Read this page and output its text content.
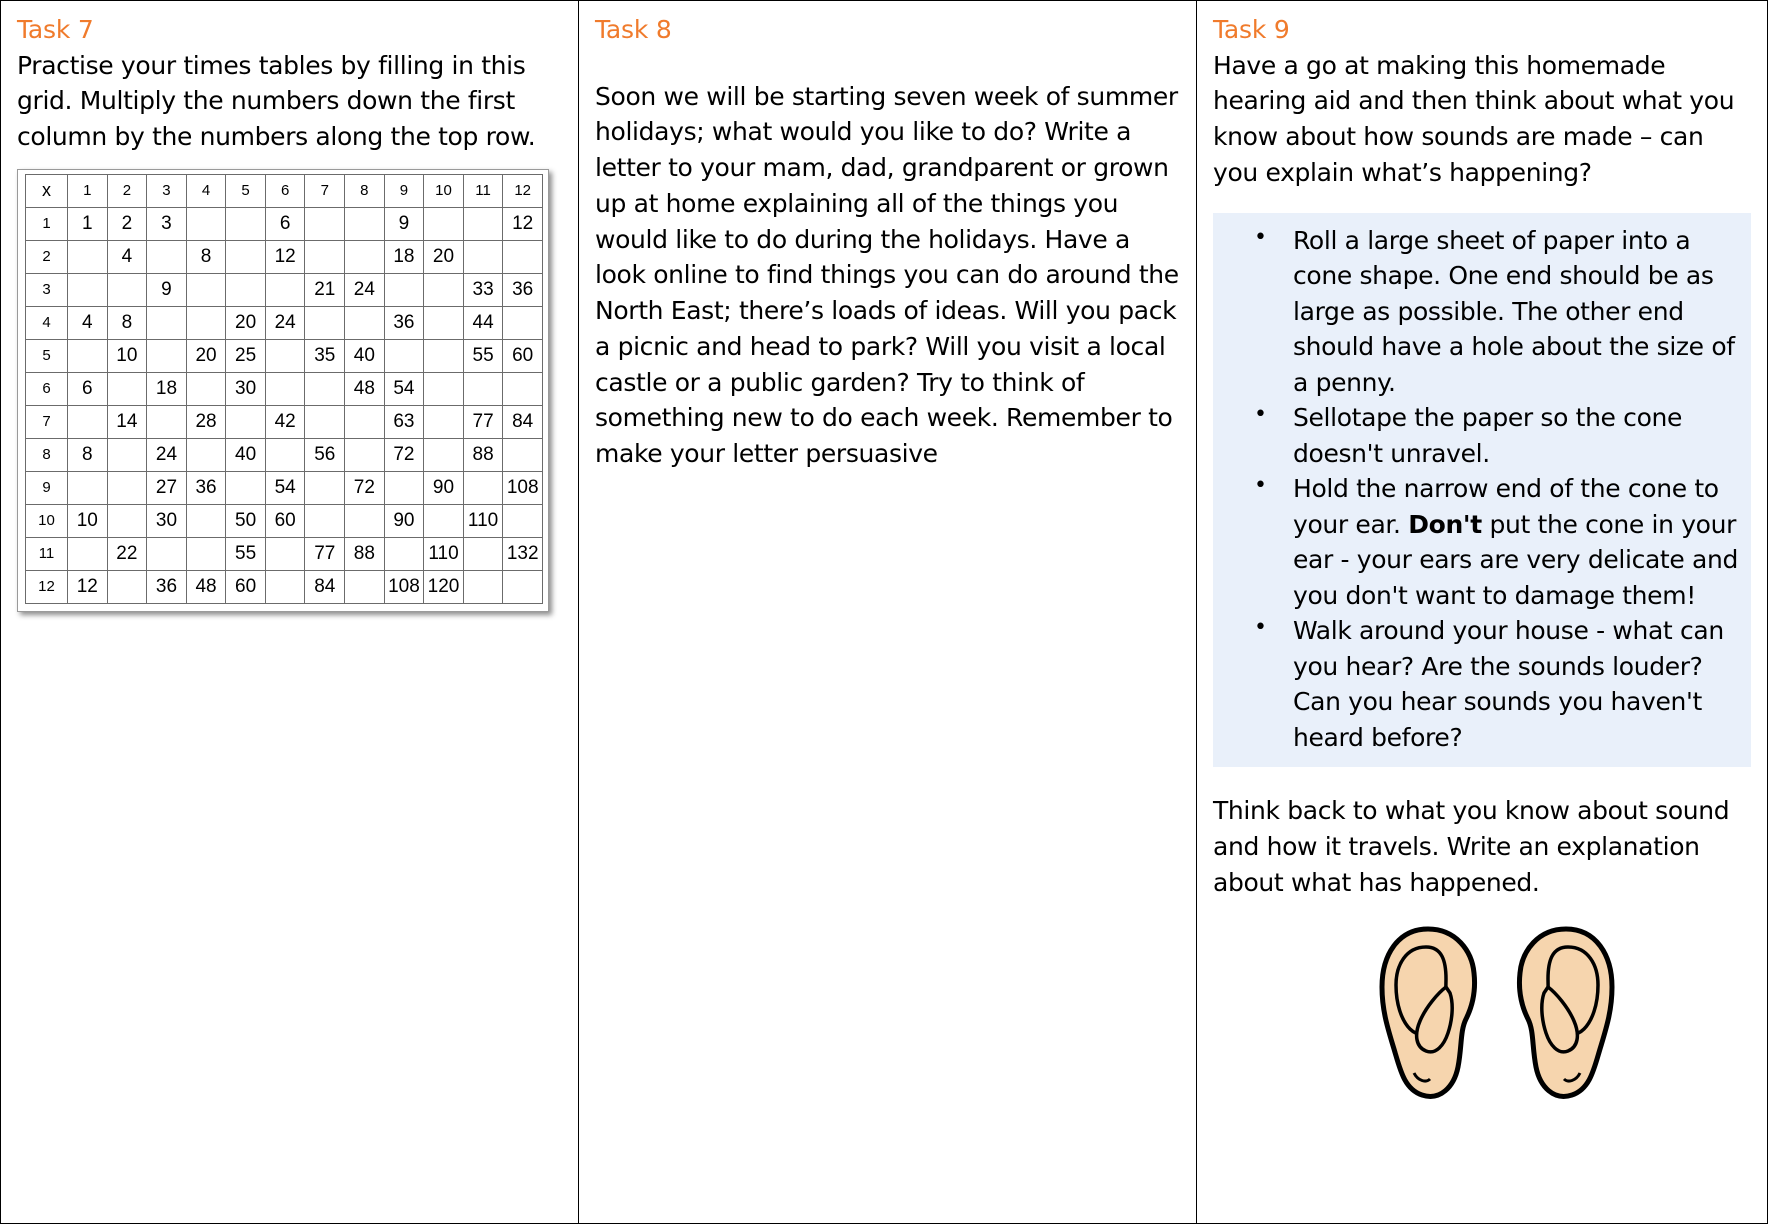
Task 7

Practise your times tables by filling in this grid. Multiply the numbers down the first column by the numbers along the top row.

x	1	2	3	4	5	6	7	8	9	10	11	12
1	1	2	3			6			9			12
2		4		8		12			18	20		
3			9				21	24			33	36
4	4	8			20	24			36		44	
5		10		20	25		35	40			55	60
6	6		18		30			48	54			
7		14		28		42			63		77	84
8	8		24		40		56		72		88	
9			27	36		54		72		90		108
10	10		30		50	60			90		110	
11		22			55		77	88		110		132
12	12		36	48	60		84		108	120		
Task 8

Soon we will be starting seven week of summer holidays; what would you like to do? Write a letter to your mam, dad, grandparent or grown up at home explaining all of the things you would like to do during the holidays. Have a look online to find things you can do around the North East; there’s loads of ideas. Will you pack a picnic and head to park? Will you visit a local castle or a public garden? Try to think of something new to do each week. Remember to make your letter persuasive

Task 9

Have a go at making this homemade hearing aid and then think about what you know about how sounds are made – can you explain what’s happening?

• Roll a large sheet of paper into a cone shape. One end should be as large as possible. The other end should have a hole about the size of a penny.
• Sellotape the paper so the cone doesn't unravel.
• Hold the narrow end of the cone to your ear. Don't put the cone in your ear - your ears are very delicate and you don't want to damage them!
• Walk around your house - what can you hear? Are the sounds louder? Can you hear sounds you haven't heard before?

Think back to what you know about sound and how it travels. Write an explanation about what has happened.
